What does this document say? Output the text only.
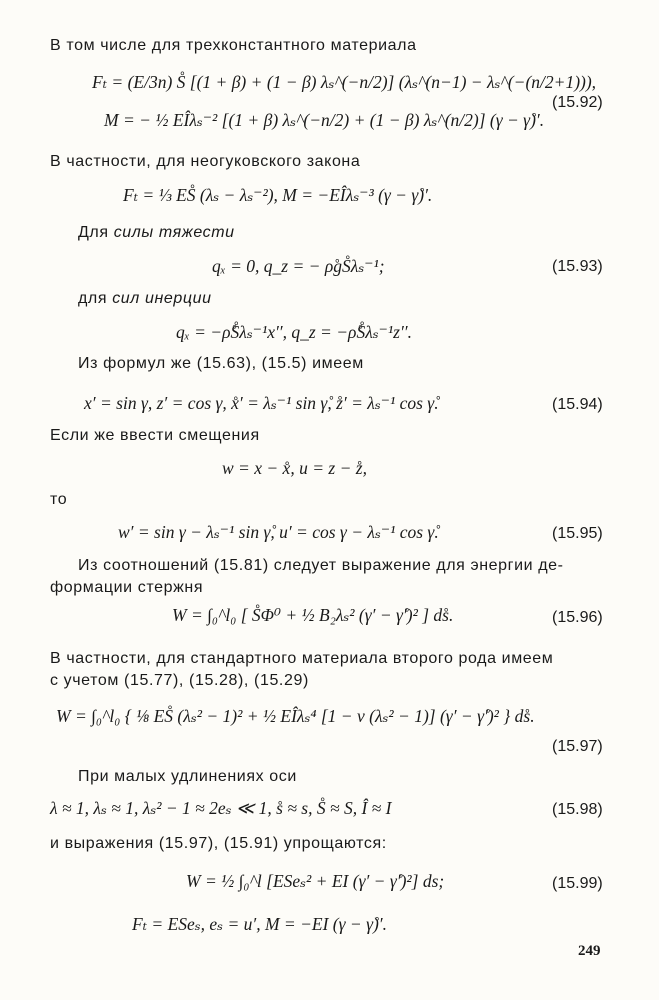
В том числе для трехконстантного материала
Fₜ = (E/3n) S̊ [(1 + β) + (1 − β) λₛ^(−n/2)] (λₛ^(n−1) − λₛ^(−(n/2+1))),
M = − ½ EÎλₛ⁻² [(1 + β) λₛ^(−n/2) + (1 − β) λₛ^(n/2)] (γ − γ̊)′.
(15.92)
В частности, для неогуковского закона
Fₜ = ⅓ ES̊ (λₛ − λₛ⁻²), M = −EÎλₛ⁻³ (γ − γ̊)′.
Для силы тяжести
qₓ = 0, q_z = − ρ̊gS̊λₛ⁻¹;	(15.93)
для сил инерции
qₓ = −ρ̊S̊λₛ⁻¹x′′, q_z = −ρ̊S̊λₛ⁻¹z′′.
Из формул же (15.63), (15.5) имеем
x′ = sin γ, z′ = cos γ, x̊′ = λₛ⁻¹ sin γ̊, z̊′ = λₛ⁻¹ cos γ̊.	(15.94)
Если же ввести смещения
w = x − x̊, u = z − z̊,
то
w′ = sin γ − λₛ⁻¹ sin γ̊, u′ = cos γ − λₛ⁻¹ cos γ̊.	(15.95)
Из соотношений (15.81) следует выражение для энергии де-
формации стержня
W = ∫₀^l₀ [ S̊Φ⁰ + ½ B₂λₛ² (γ′ − γ̊′)² ] ds̊.	(15.96)
В частности, для стандартного материала второго рода имеем
с учетом (15.77), (15.28), (15.29)
W = ∫₀^l₀ { ⅛ ES̊ (λₛ² − 1)² + ½ EÎλₛ⁴ [1 − ν (λₛ² − 1)] (γ′ − γ̊′)² } ds̊.
(15.97)
При малых удлинениях оси
λ ≈ 1, λₛ ≈ 1, λₛ² − 1 ≈ 2eₛ ≪ 1, s̊ ≈ s, S̊ ≈ S, Î ≈ I	(15.98)
и выражения (15.97), (15.91) упрощаются:
W = ½ ∫₀^l [ESeₛ² + EI (γ′ − γ̊′)²] ds;	(15.99)
Fₜ = ESeₛ, eₛ = u′, M = −EI (γ − γ̊)′.
249
